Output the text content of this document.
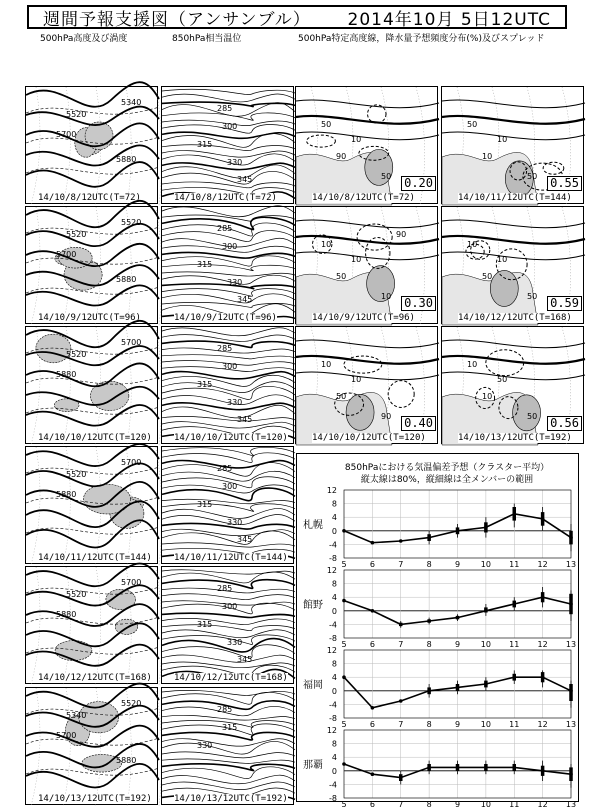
週間予報支援図（アンサンブル） 2014年10月 5日12UTC
500hPa高度及び渦度	850hPa相当温位	500hPa特定高度線，降水量予想頻度分布(%)及びスプレッド
5520
5340
5700
5880
14/10/8/12UTC(T=72)
285
300
315
330
345
14/10/8/12UTC(T=72)
5520
5520
5700
5880
14/10/9/12UTC(T=96)
285
300
315
330
345
14/10/9/12UTC(T=96)
5520
5700
5880
14/10/10/12UTC(T=120)
285
300
315
330
345
14/10/10/12UTC(T=120)
5520
5700
5880
14/10/11/12UTC(T=144)
285
300
315
330
345
14/10/11/12UTC(T=144)
5520
5700
5880
14/10/12/12UTC(T=168)
285
300
315
330
345
14/10/12/12UTC(T=168)
5340
5520
5700
5880
14/10/13/12UTC(T=192)
285
315
330
14/10/13/12UTC(T=192)
50
10
90
50 0.20
14/10/8/12UTC(T=72)
50
10
10
50 0.55
14/10/11/12UTC(T=144)
10
10
50
10
90
0.30
14/10/9/12UTC(T=96)
10
10
50
50 0.59
14/10/12/12UTC(T=168)
10
10
50
90 0.40
14/10/10/12UTC(T=120)
10
50
10
50 0.56
14/10/13/12UTC(T=192)
850hPaにおける気温偏差予想（クラスター平均）
縦太線は80%，縦細線は全メンバーの範囲
12
8
4
0
-4
-8
札幌
5	6	7	8	9	10 11 12 13
12
8
4
0
-4
-8
館野
5	6	7	8	9	10 11 12 13
12
8
4
0
-4
-8
福岡
5	6	7	8	9	10 11 12 13
12
8
4
0
-4
-8
那覇
5	6	7	8	9	10 11 12 13
